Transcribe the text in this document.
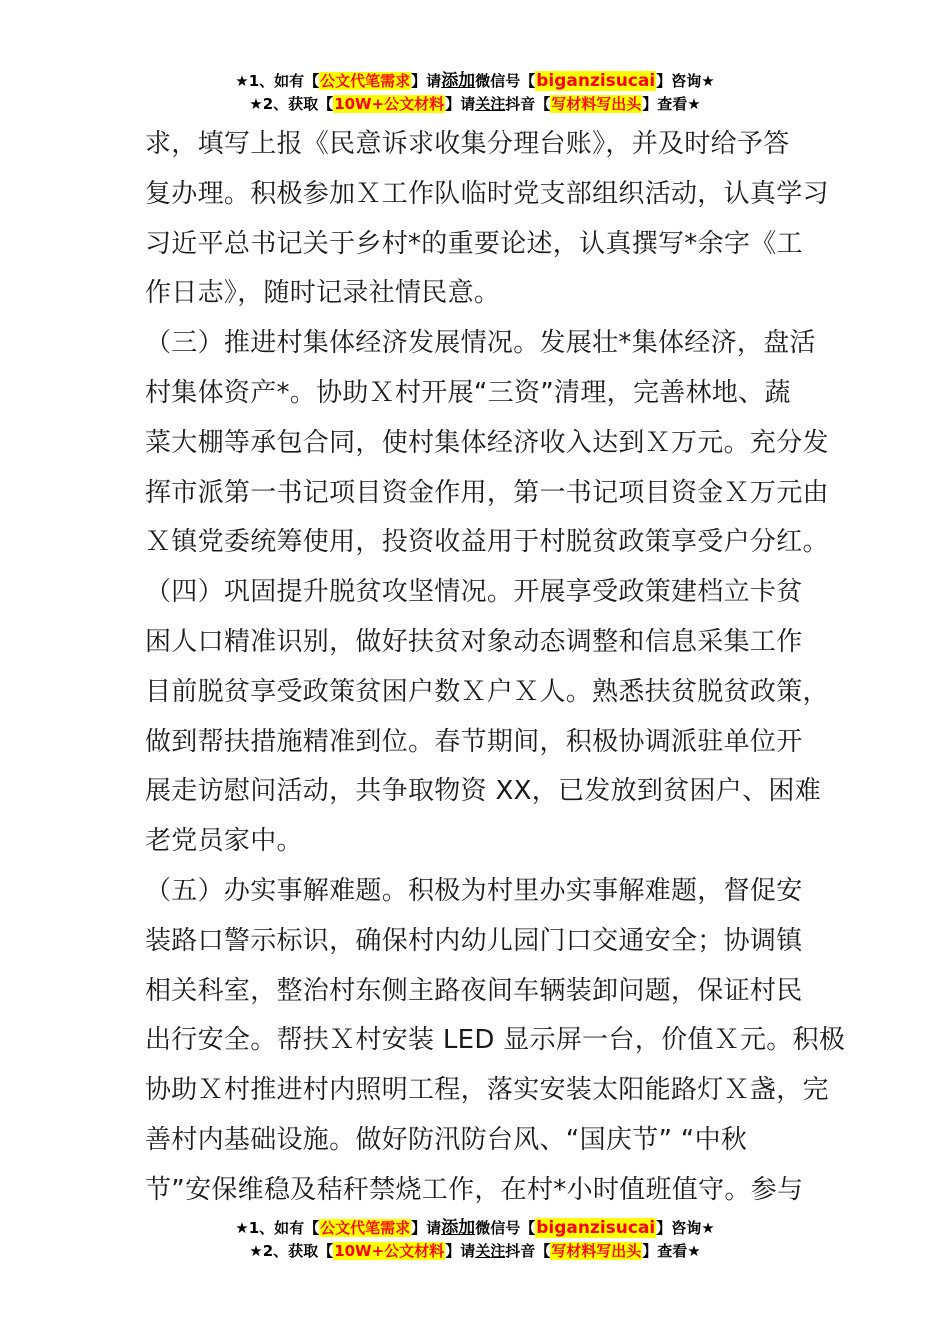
★1、如有【公文代笔需求】请添加微信号【biganzisucai】咨询★
★2、获取【10W+公文材料】请关注抖音【写材料写出头】查看★
求，填写上报《民意诉求收集分理台账》，并及时给予答
复办理。积极参加Ｘ工作队临时党支部组织活动，认真学习
习近平总书记关于乡村*的重要论述，认真撰写*余字《工
作日志》，随时记录社情民意。
（三）推进村集体经济发展情况。发展壮*集体经济，盘活
村集体资产*。协助Ｘ村开展“三资”清理，完善林地、蔬
菜大棚等承包合同，使村集体经济收入达到Ｘ万元。充分发
挥市派第一书记项目资金作用，第一书记项目资金Ｘ万元由
Ｘ镇党委统筹使用，投资收益用于村脱贫政策享受户分红。
（四）巩固提升脱贫攻坚情况。开展享受政策建档立卡贫
困人口精准识别，做好扶贫对象动态调整和信息采集工作
目前脱贫享受政策贫困户数Ｘ户Ｘ人。熟悉扶贫脱贫政策，
做到帮扶措施精准到位。春节期间，积极协调派驻单位开
展走访慰问活动，共争取物资 XX，已发放到贫困户、困难
老党员家中。
（五）办实事解难题。积极为村里办实事解难题，督促安
装路口警示标识，确保村内幼儿园门口交通安全；协调镇
相关科室，整治村东侧主路夜间车辆装卸问题，保证村民
出行安全。帮扶Ｘ村安装 LED 显示屏一台，价值Ｘ元。积极
协助Ｘ村推进村内照明工程，落实安装太阳能路灯Ｘ盏，完
善村内基础设施。做好防汛防台风、“国庆节” “中秋
节”安保维稳及秸秆禁烧工作，在村*小时值班值守。参与
★1、如有【公文代笔需求】请添加微信号【biganzisucai】咨询★
★2、获取【10W+公文材料】请关注抖音【写材料写出头】查看★
